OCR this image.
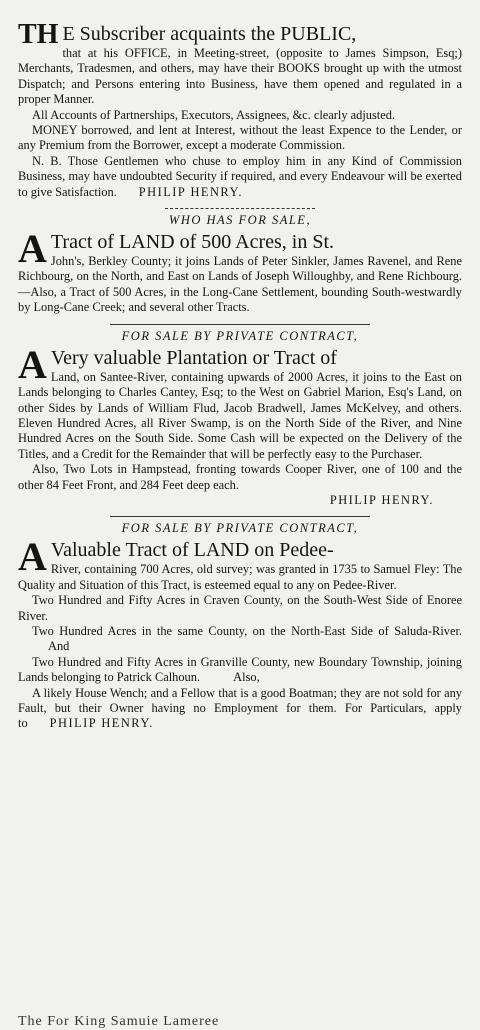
TH E Subscriber acquaints the PUBLIC,

that at his OFFICE, in Meeting-street, (opposite to James Simpson, Esq;) Merchants, Tradesmen, and others, may have their BOOKS brought up with the utmost Dispatch; and Persons entering into Business, have them opened and regulated in a proper Manner.

All Accounts of Partnerships, Executors, Assignees, &c. clearly adjusted.

MONEY borrowed, and lent at Interest, without the least Expence to the Lender, or any Premium from the Borrower, except a moderate Commission.

N. B. Those Gentlemen who chuse to employ him in any Kind of Commission Business, may have undoubted Security if required, and every Endeavour will be exerted to give Satisfaction. PHILIP HENRY.

WHO HAS FOR SALE,

A Tract of LAND of 500 Acres, in St.

John's, Berkley County; it joins Lands of Peter Sinkler, James Ravenel, and Rene Richbourg, on the North, and East on Lands of Joseph Willoughby, and Rene Richbourg.—Also, a Tract of 500 Acres, in the Long-Cane Settlement, bounding South-westwardly by Long-Cane Creek; and several other Tracts.

FOR SALE BY PRIVATE CONTRACT,

A Very valuable Plantation or Tract of

Land, on Santee-River, containing upwards of 2000 Acres, it joins to the East on Lands belonging to Charles Cantey, Esq; to the West on Gabriel Marion, Esq's Land, on other Sides by Lands of William Flud, Jacob Bradwell, James McKelvey, and others. Eleven Hundred Acres, all River Swamp, is on the North Side of the River, and Nine Hundred Acres on the South Side. Some Cash will be expected on the Delivery of the Titles, and a Credit for the Remainder that will be perfectly easy to the Purchaser.

Also, Two Lots in Hampstead, fronting towards Cooper River, one of 100 and the other 84 Feet Front, and 284 Feet deep each.

PHILIP HENRY.

FOR SALE BY PRIVATE CONTRACT,

A Valuable Tract of LAND on Pedee-

River, containing 700 Acres, old survey; was granted in 1735 to Samuel Fley: The Quality and Situation of this Tract, is esteemed equal to any on Pedee-River.

Two Hundred and Fifty Acres in Craven County, on the South-West Side of Enoree River.

Two Hundred Acres in the same County, on the North-East Side of Saluda-River. And

Two Hundred and Fifty Acres in Granville County, new Boundary Township, joining Lands belonging to Patrick Calhoun.	Also,

A likely House Wench; and a Fellow that is a good Boatman; they are not sold for any Fault, but their Owner having no Employment for them. For Particulars, apply to PHILIP HENRY.

The For King Samuie Lameree
